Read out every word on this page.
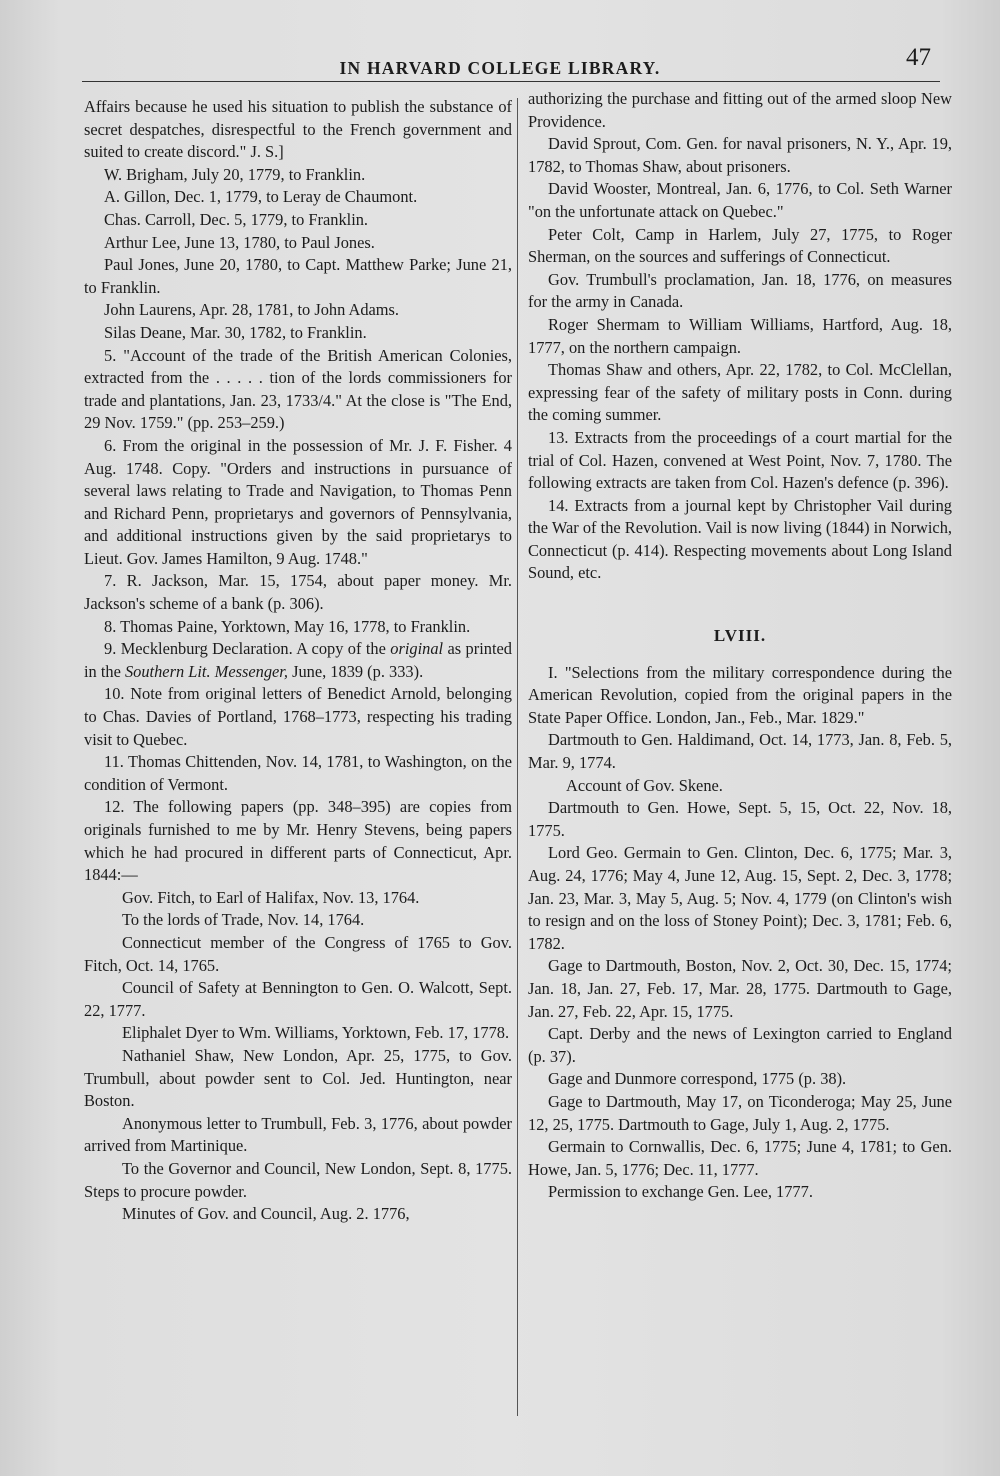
IN HARVARD COLLEGE LIBRARY.	47

Affairs because he used his situation to publish the substance of secret despatches, disrespectful to the French government and suited to create discord." J. S.]

W. Brigham, July 20, 1779, to Franklin.

A. Gillon, Dec. 1, 1779, to Leray de Chaumont.

Chas. Carroll, Dec. 5, 1779, to Franklin.

Arthur Lee, June 13, 1780, to Paul Jones.

Paul Jones, June 20, 1780, to Capt. Matthew Parke; June 21, to Franklin.

John Laurens, Apr. 28, 1781, to John Adams.

Silas Deane, Mar. 30, 1782, to Franklin.

5. "Account of the trade of the British American Colonies, extracted from the . . . . . tion of the lords commissioners for trade and plantations, Jan. 23, 1733/4." At the close is "The End, 29 Nov. 1759." (pp. 253–259.)

6. From the original in the possession of Mr. J. F. Fisher. 4 Aug. 1748. Copy. "Orders and instructions in pursuance of several laws relating to Trade and Navigation, to Thomas Penn and Richard Penn, proprietarys and governors of Pennsylvania, and additional instructions given by the said proprietarys to Lieut. Gov. James Hamilton, 9 Aug. 1748."

7. R. Jackson, Mar. 15, 1754, about paper money. Mr. Jackson's scheme of a bank (p. 306).

8. Thomas Paine, Yorktown, May 16, 1778, to Franklin.

9. Mecklenburg Declaration. A copy of the original as printed in the Southern Lit. Messenger, June, 1839 (p. 333).

10. Note from original letters of Benedict Arnold, belonging to Chas. Davies of Portland, 1768–1773, respecting his trading visit to Quebec.

11. Thomas Chittenden, Nov. 14, 1781, to Washington, on the condition of Vermont.

12. The following papers (pp. 348–395) are copies from originals furnished to me by Mr. Henry Stevens, being papers which he had procured in different parts of Connecticut, Apr. 1844:—

Gov. Fitch, to Earl of Halifax, Nov. 13, 1764.

To the lords of Trade, Nov. 14, 1764.

Connecticut member of the Congress of 1765 to Gov. Fitch, Oct. 14, 1765.

Council of Safety at Bennington to Gen. O. Walcott, Sept. 22, 1777.

Eliphalet Dyer to Wm. Williams, Yorktown, Feb. 17, 1778.

Nathaniel Shaw, New London, Apr. 25, 1775, to Gov. Trumbull, about powder sent to Col. Jed. Huntington, near Boston.

Anonymous letter to Trumbull, Feb. 3, 1776, about powder arrived from Martinique.

To the Governor and Council, New London, Sept. 8, 1775. Steps to procure powder.

Minutes of Gov. and Council, Aug. 2. 1776,

authorizing the purchase and fitting out of the armed sloop New Providence.

David Sprout, Com. Gen. for naval prisoners, N. Y., Apr. 19, 1782, to Thomas Shaw, about prisoners.

David Wooster, Montreal, Jan. 6, 1776, to Col. Seth Warner "on the unfortunate attack on Quebec."

Peter Colt, Camp in Harlem, July 27, 1775, to Roger Sherman, on the sources and sufferings of Connecticut.

Gov. Trumbull's proclamation, Jan. 18, 1776, on measures for the army in Canada.

Roger Shermam to William Williams, Hartford, Aug. 18, 1777, on the northern campaign.

Thomas Shaw and others, Apr. 22, 1782, to Col. McClellan, expressing fear of the safety of military posts in Conn. during the coming summer.

13. Extracts from the proceedings of a court martial for the trial of Col. Hazen, convened at West Point, Nov. 7, 1780. The following extracts are taken from Col. Hazen's defence (p. 396).

14. Extracts from a journal kept by Christopher Vail during the War of the Revolution. Vail is now living (1844) in Norwich, Connecticut (p. 414). Respecting movements about Long Island Sound, etc.

LVIII.

I. "Selections from the military correspondence during the American Revolution, copied from the original papers in the State Paper Office. London, Jan., Feb., Mar. 1829."

Dartmouth to Gen. Haldimand, Oct. 14, 1773, Jan. 8, Feb. 5, Mar. 9, 1774.

Account of Gov. Skene.

Dartmouth to Gen. Howe, Sept. 5, 15, Oct. 22, Nov. 18, 1775.

Lord Geo. Germain to Gen. Clinton, Dec. 6, 1775; Mar. 3, Aug. 24, 1776; May 4, June 12, Aug. 15, Sept. 2, Dec. 3, 1778; Jan. 23, Mar. 3, May 5, Aug. 5; Nov. 4, 1779 (on Clinton's wish to resign and on the loss of Stoney Point); Dec. 3, 1781; Feb. 6, 1782.

Gage to Dartmouth, Boston, Nov. 2, Oct. 30, Dec. 15, 1774; Jan. 18, Jan. 27, Feb. 17, Mar. 28, 1775. Dartmouth to Gage, Jan. 27, Feb. 22, Apr. 15, 1775.

Capt. Derby and the news of Lexington carried to England (p. 37).

Gage and Dunmore correspond, 1775 (p. 38).

Gage to Dartmouth, May 17, on Ticonderoga; May 25, June 12, 25, 1775. Dartmouth to Gage, July 1, Aug. 2, 1775.

Germain to Cornwallis, Dec. 6, 1775; June 4, 1781; to Gen. Howe, Jan. 5, 1776; Dec. 11, 1777.

Permission to exchange Gen. Lee, 1777.
